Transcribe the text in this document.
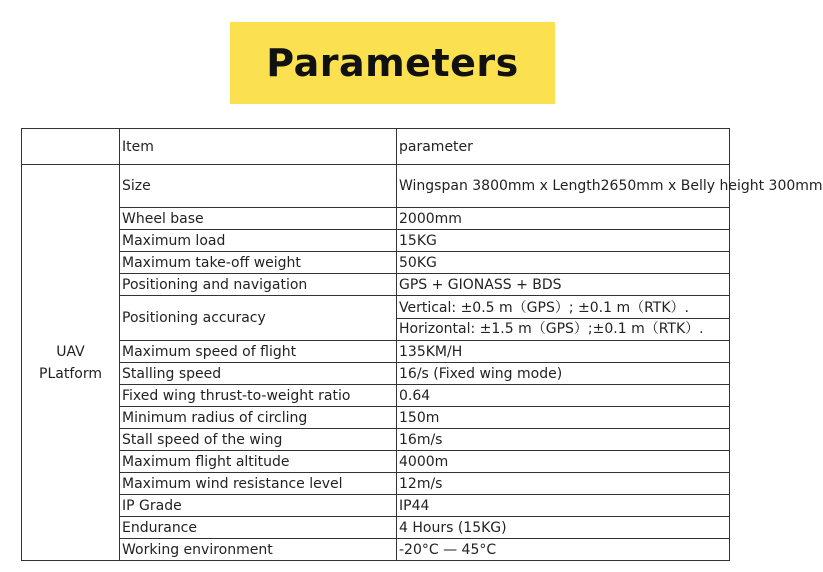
Parameters
	Item	parameter

UAV
PLatform	Size	Wingspan 3800mm x Length2650mm x Belly height 300mm
	Wheel base	2000mm
	Maximum load	15KG
	Maximum take-off weight	50KG
	Positioning and navigation	GPS + GIONASS + BDS
	Positioning accuracy	Vertical: ±0.5 m（GPS）; ±0.1 m（RTK）.
Horizontal: ±1.5 m（GPS）;±0.1 m（RTK）.

	Maximum speed of flight	135KM/H
	Stalling speed	16/s (Fixed wing mode)
	Fixed wing thrust-to-weight ratio	0.64
	Minimum radius of circling	150m
	Stall speed of the wing	16m/s
	Maximum flight altitude	4000m
	Maximum wind resistance level	12m/s
	IP Grade	IP44
	Endurance	4 Hours (15KG)
	Working environment	-20°C — 45°C
